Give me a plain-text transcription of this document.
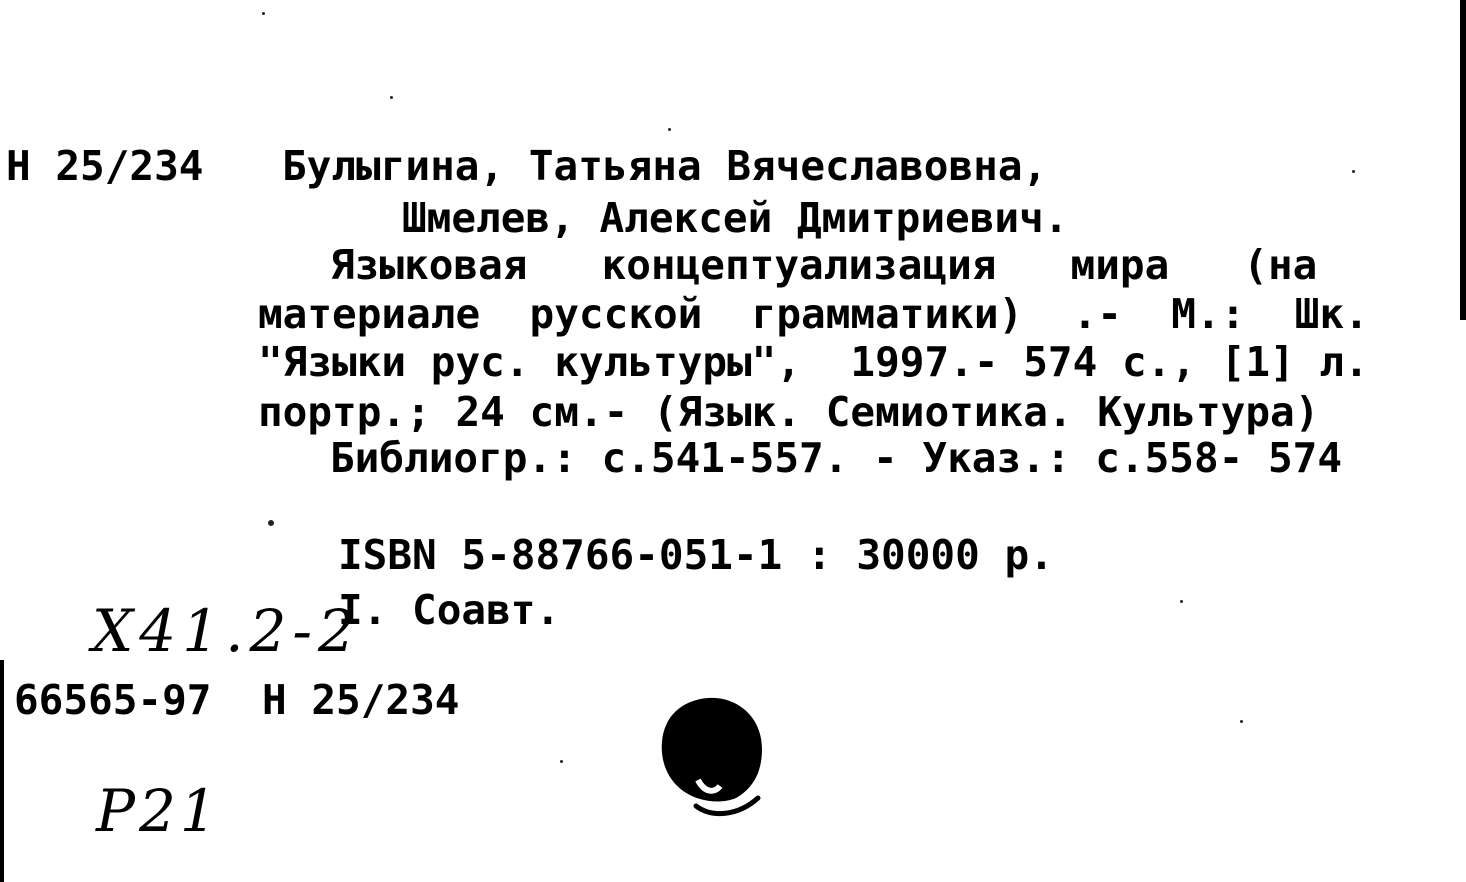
Н 25/234 Булыгина, Татьяна Вячеславовна,
Шмелев, Алексей Дмитриевич.
Языковая   концептуализация   мира   (на
материале  русской  грамматики)  .-  М.:  Шк.
"Языки рус. культуры",  1997.- 574 с., [1] л.
портр.; 24 см.- (Язык. Семиотика. Культура)
Библиогр.: с.541-557. - Указ.: с.558- 574
ISBN 5-88766-051-1 : 30000 р.
I. Соавт.
Х41.2-2
66565-97 Н 25/234
Р21
